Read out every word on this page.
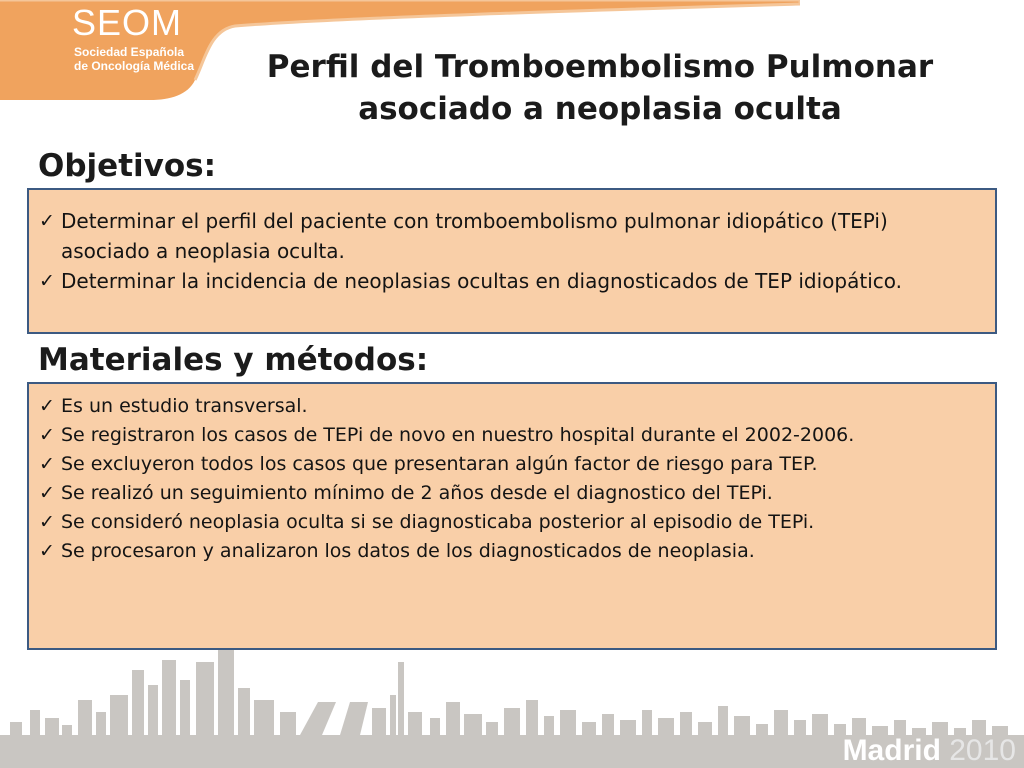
SEOM
Sociedad Española
de Oncología Médica	Perfil del Tromboembolismo Pulmonar
asociado a neoplasia oculta
Objetivos:

✓ Determinar el perfil del paciente con tromboembolismo pulmonar idiopático (TEPi) asociado a neoplasia oculta.

✓ Determinar la incidencia de neoplasias ocultas en diagnosticados de TEP idiopático.

Materiales y métodos:

✓ Es un estudio transversal.

✓ Se registraron los casos de TEPi de novo en nuestro hospital durante el 2002-2006.

✓ Se excluyeron todos los casos que presentaran algún factor de riesgo para TEP.

✓ Se realizó un seguimiento mínimo de 2 años desde el diagnostico del TEPi.

✓ Se consideró neoplasia oculta si se diagnosticaba posterior al episodio de TEPi.

✓ Se procesaron y analizaron los datos de los diagnosticados de neoplasia.

Madrid 2010
